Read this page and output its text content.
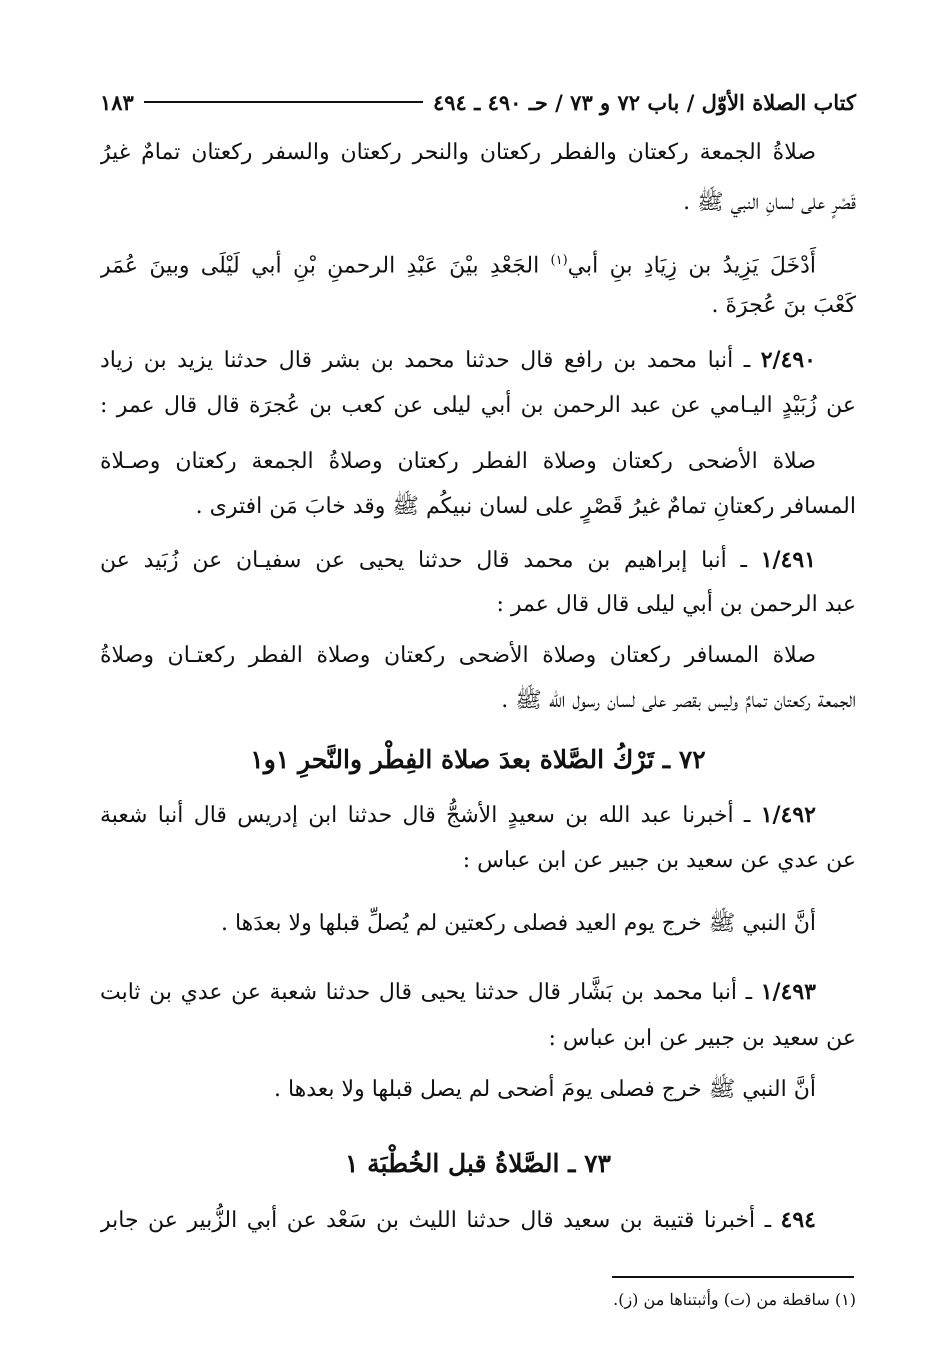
كتاب الصلاة الأوّل / باب ٧٢ و ٧٣ / حـ ٤٩٠ ـ ٤٩٤
١٨٣
صلاةُ الجمعة ركعتان والفطر ركعتان والنحر ركعتان والسفر ركعتان تمامٌ غيرُ
قَصْرٍ على لسانِ النبي ﷺ .
أَدْخَلَ يَزِيدُ بن زِيَادِ بنِ أبي$^{(١)}$ الجَعْدِ بيْنَ عَبْدِ الرحمنِ بْنِ أبي لَيْلَى وبينَ عُمَر
كَعْبَ بنَ عُجرَةَ .
٢/٤٩٠ ـ أنبا محمد بن رافع قال حدثنا محمد بن بشر قال حدثنا يزيد بن زياد
عن زُبَيْدٍ اليـامي عن عبد الرحمن بن أبي ليلى عن كعب بن عُجرَة قال قال عمر :
صلاة الأضحى ركعتان وصلاة الفطر ركعتان وصلاةُ الجمعة ركعتان وصـلاة
المسافر ركعتانِ تمامٌ غيرُ قَصْرٍ على لسان نبيكُم ﷺ وقد خابَ مَن افترى .
١/٤٩١ ـ أنبا إبراهيم بن محمد قال حدثنا يحيى عن سفيـان عن زُبَيد عن
عبد الرحمن بن أبي ليلى قال قال عمر :
صلاة المسافر ركعتان وصلاة الأضحى ركعتان وصلاة الفطر ركعتـان وصلاةُ
الجمعة ركعتان تمامٌ وليس بقصر على لسان رسول الله ﷺ .
٧٢ ـ تَرْكُ الصَّلاة بعدَ صلاة الفِطْر والنَّحرِ ١و١
١/٤٩٢ ـ أخبرنا عبد الله بن سعيدٍ الأشجُّ قال حدثنا ابن إدريس قال أنبا شعبة
عن عدي عن سعيد بن جبير عن ابن عباس :
أنَّ النبي ﷺ خرج يوم العيد فصلى ركعتين لم يُصلِّ قبلها ولا بعدَها .
١/٤٩٣ ـ أنبا محمد بن بَشَّار قال حدثنا يحيى قال حدثنا شعبة عن عدي بن ثابت
عن سعيد بن جبير عن ابن عباس :
أنَّ النبي ﷺ خرج فصلى يومَ أضحى لم يصل قبلها ولا بعدها .
٧٣ ـ الصَّلاةُ قبل الخُطْبَة ١
٤٩٤ ـ أخبرنا قتيبة بن سعيد قال حدثنا الليث بن سَعْد عن أبي الزُّبير عن جابر
(١) ساقطة من (ت) وأثبتناها من (ز).
